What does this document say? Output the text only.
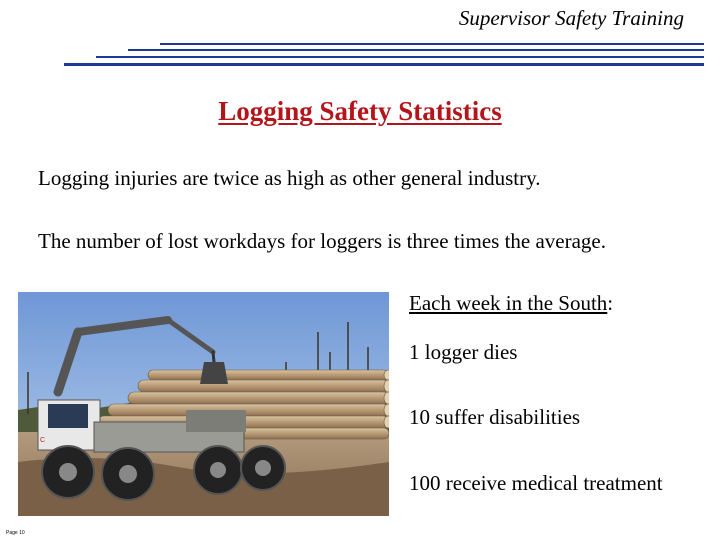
Supervisor Safety Training
Logging Safety Statistics
Logging injuries are twice as high as other general industry.
The number of lost workdays for loggers is three times the average.
C
Each week in the South:
1 logger dies
10 suffer disabilities
100 receive medical treatment
Page 10
